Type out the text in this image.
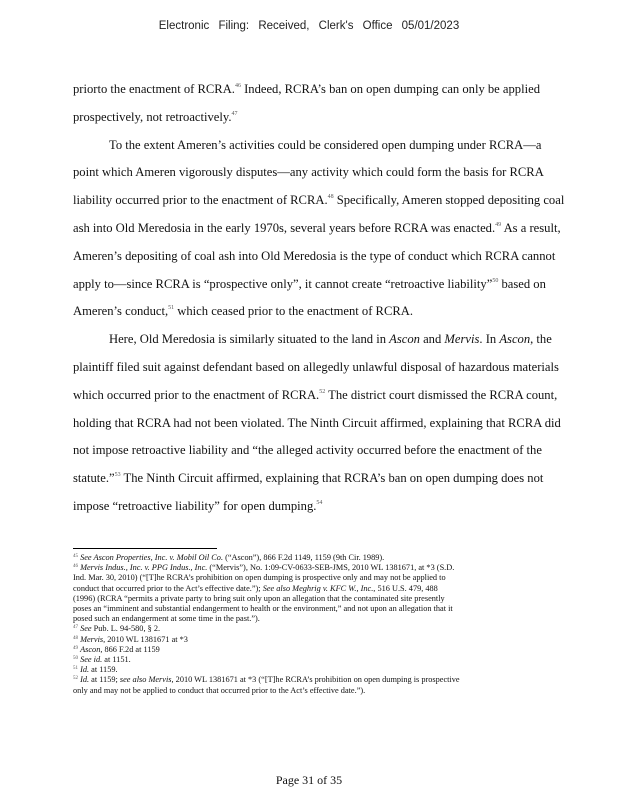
Electronic Filing: Received, Clerk's Office 05/01/2023

priorto the enactment of RCRA.$^{46}$ Indeed, RCRA’s ban on open dumping can only be applied
prospectively, not retroactively.$^{47}$

To the extent Ameren’s activities could be considered open dumping under RCRA—a
point which Ameren vigorously disputes—any activity which could form the basis for RCRA
liability occurred prior to the enactment of RCRA.$^{48}$ Specifically, Ameren stopped depositing coal
ash into Old Meredosia in the early 1970s, several years before RCRA was enacted.$^{49}$ As a result,
Ameren’s depositing of coal ash into Old Meredosia is the type of conduct which RCRA cannot
apply to—since RCRA is “prospective only”, it cannot create “retroactive liability”$^{50}$ based on
Ameren’s conduct,$^{51}$ which ceased prior to the enactment of RCRA.

Here, Old Meredosia is similarly situated to the land in Ascon and Mervis. In Ascon, the
plaintiff filed suit against defendant based on allegedly unlawful disposal of hazardous materials
which occurred prior to the enactment of RCRA.$^{52}$ The district court dismissed the RCRA count,
holding that RCRA had not been violated. The Ninth Circuit affirmed, explaining that RCRA did
not impose retroactive liability and “the alleged activity occurred before the enactment of the
statute.”$^{53}$ The Ninth Circuit affirmed, explaining that RCRA’s ban on open dumping does not
impose “retroactive liability” for open dumping.$^{54}$

$^{45}$ See Ascon Properties, Inc. v. Mobil Oil Co. (“Ascon”), 866 F.2d 1149, 1159 (9th Cir. 1989).

$^{46}$ Mervis Indus., Inc. v. PPG Indus., Inc. (“Mervis”), No. 1:09-CV-0633-SEB-JMS, 2010 WL 1381671, at *3 (S.D.

Ind. Mar. 30, 2010) (“[T]he RCRA’s prohibition on open dumping is prospective only and may not be applied to

conduct that occurred prior to the Act’s effective date.”); See also Meghrig v. KFC W., Inc., 516 U.S. 479, 488

(1996) (RCRA “permits a private party to bring suit only upon an allegation that the contaminated site presently

poses an “imminent and substantial endangerment to health or the environment,” and not upon an allegation that it

posed such an endangerment at some time in the past.”).

$^{47}$ See Pub. L. 94-580, § 2.

$^{48}$ Mervis, 2010 WL 1381671 at *3

$^{49}$ Ascon, 866 F.2d at 1159

$^{50}$ See id. at 1151.

$^{51}$ Id. at 1159.

$^{52}$ Id. at 1159; see also Mervis, 2010 WL 1381671 at *3 (“[T]he RCRA’s prohibition on open dumping is prospective

only and may not be applied to conduct that occurred prior to the Act’s effective date.”).

Page 31 of 35
